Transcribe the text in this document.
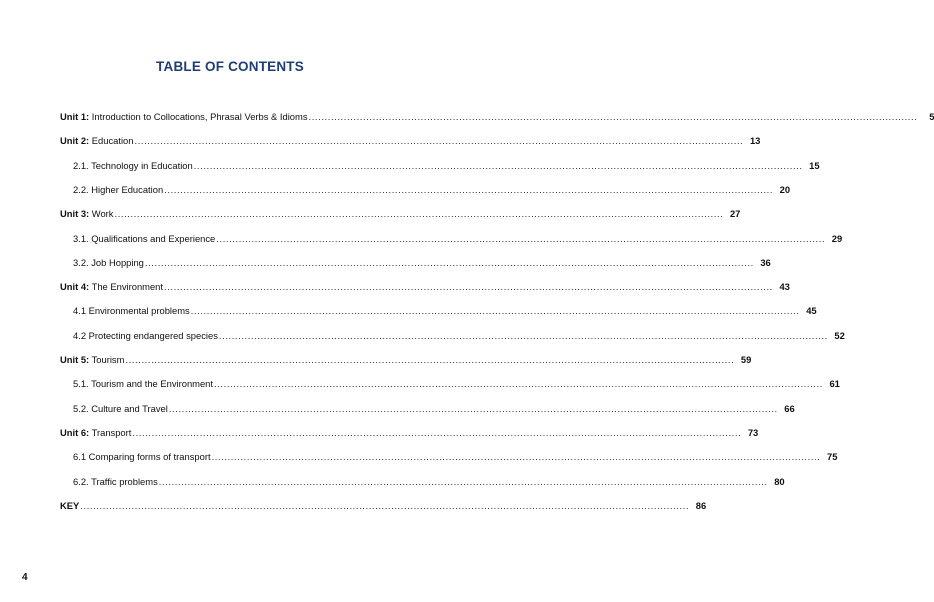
TABLE OF CONTENTS
Unit 1: Introduction to Collocations, Phrasal Verbs & Idioms ..............................................................................................................................................................................................	5
Unit 2: Education .............................................................................................................................................................................................. 13
2.1. Technology in Education .............................................................................................................................................................................................. 15
2.2. Higher Education .............................................................................................................................................................................................. 20
Unit 3: Work .............................................................................................................................................................................................. 27
3.1. Qualifications and Experience .............................................................................................................................................................................................. 29
3.2. Job Hopping .............................................................................................................................................................................................. 36
Unit 4: The Environment .............................................................................................................................................................................................. 43
4.1 Environmental problems .............................................................................................................................................................................................. 45
4.2 Protecting endangered species .............................................................................................................................................................................................. 52
Unit 5: Tourism .............................................................................................................................................................................................. 59
5.1. Tourism and the Environment .............................................................................................................................................................................................. 61
5.2. Culture and Travel .............................................................................................................................................................................................. 66
Unit 6: Transport .............................................................................................................................................................................................. 73
6.1 Comparing forms of transport .............................................................................................................................................................................................. 75
6.2. Traffic problems .............................................................................................................................................................................................. 80
KEY .............................................................................................................................................................................................. 86
4
